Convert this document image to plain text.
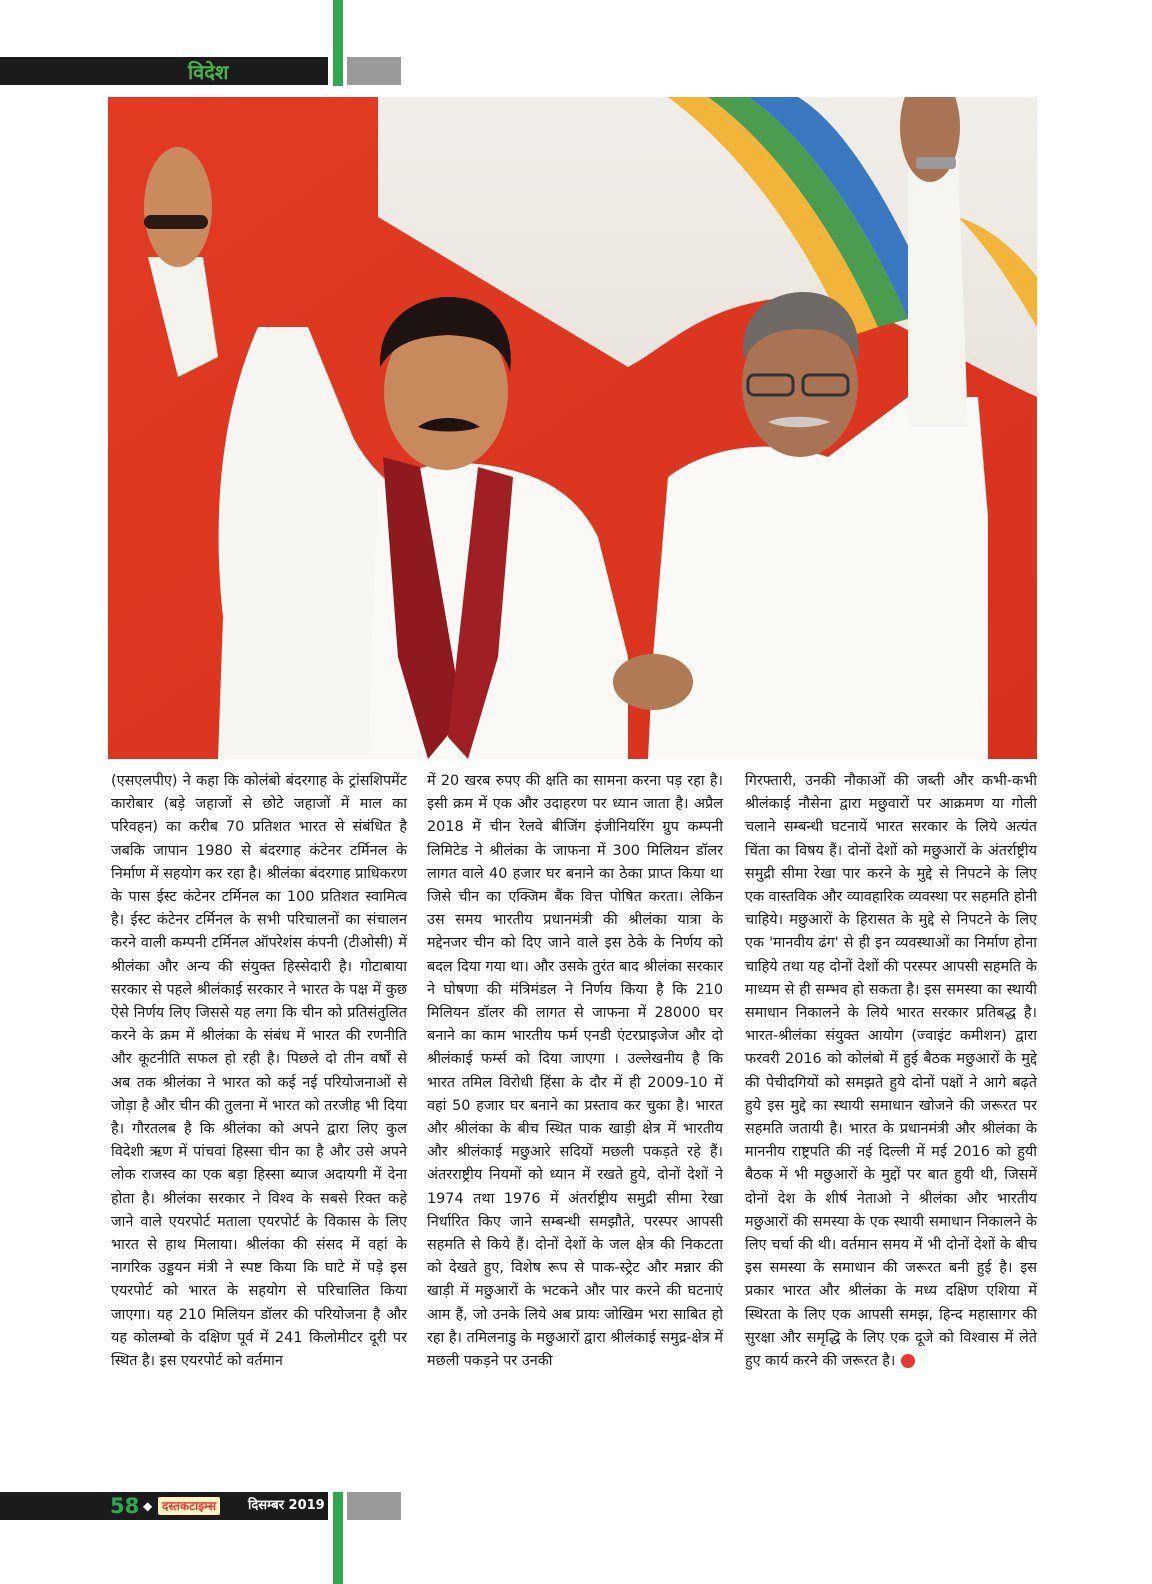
विदेश
(एसएलपीए) ने कहा कि कोलंबो बंदरगाह के ट्रांसशिपमेंट कारोबार (बड़े जहाजों से छोटे जहाजों में माल का परिवहन) का करीब 70 प्रतिशत भारत से संबंधित है जबकि जापान 1980 से बंदरगाह कंटेनर टर्मिनल के निर्माण में सहयोग कर रहा है। श्रीलंका बंदरगाह प्राधिकरण के पास ईस्ट कंटेनर टर्मिनल का 100 प्रतिशत स्वामित्व है। ईस्ट कंटेनर टर्मिनल के सभी परिचालनों का संचालन करने वाली कम्पनी टर्मिनल ऑपरेशंस कंपनी (टीओसी) में श्रीलंका और अन्य की संयुक्त हिस्सेदारी है। गोटाबाया सरकार से पहले श्रीलंकाई सरकार ने भारत के पक्ष में कुछ ऐसे निर्णय लिए जिससे यह लगा कि चीन को प्रतिसंतुलित करने के क्रम में श्रीलंका के संबंध में भारत की रणनीति और कूटनीति सफल हो रही है। पिछले दो तीन वर्षों से अब तक श्रीलंका ने भारत को कई नई परियोजनाओं से जोड़ा है और चीन की तुलना में भारत को तरजीह भी दिया है। गौरतलब है कि श्रीलंका को अपने द्वारा लिए कुल विदेशी ऋण में पांचवां हिस्सा चीन का है और उसे अपने लोक राजस्व का एक बड़ा हिस्सा ब्याज अदायगी में देना होता है। श्रीलंका सरकार ने विश्व के सबसे रिक्त कहे जाने वाले एयरपोर्ट मताला एयरपोर्ट के विकास के लिए भारत से हाथ मिलाया। श्रीलंका की संसद में वहां के नागरिक उड्डयन मंत्री ने स्पष्ट किया कि घाटे में पड़े इस एयरपोर्ट को भारत के सहयोग से परिचालित किया जाएगा। यह 210 मिलियन डॉलर की परियोजना है और यह कोलम्बो के दक्षिण पूर्व में 241 किलोमीटर दूरी पर स्थित है। इस एयरपोर्ट को वर्तमान
में 20 खरब रुपए की क्षति का सामना करना पड़ रहा है। इसी क्रम में एक और उदाहरण पर ध्यान जाता है। अप्रैल 2018 में चीन रेलवे बीजिंग इंजीनियरिंग ग्रुप कम्पनी लिमिटेड ने श्रीलंका के जाफना में 300 मिलियन डॉलर लागत वाले 40 हजार घर बनाने का ठेका प्राप्त किया था जिसे चीन का एक्जिम बैंक वित्त पोषित करता। लेकिन उस समय भारतीय प्रधानमंत्री की श्रीलंका यात्रा के मद्देनजर चीन को दिए जाने वाले इस ठेके के निर्णय को बदल दिया गया था। और उसके तुरंत बाद श्रीलंका सरकार ने घोषणा की मंत्रिमंडल ने निर्णय किया है कि 210 मिलियन डॉलर की लागत से जाफना में 28000 घर बनाने का काम भारतीय फर्म एनडी एंटरप्राइजेज और दो श्रीलंकाई फर्म्स को दिया जाएगा । उल्लेखनीय है कि भारत तमिल विरोधी हिंसा के दौर में ही 2009-10 में वहां 50 हजार घर बनाने का प्रस्ताव कर चुका है। भारत और श्रीलंका के बीच स्थित पाक खाड़ी क्षेत्र में भारतीय और श्रीलंकाई मछुआरे सदियों मछली पकड़ते रहे हैं। अंतरराष्ट्रीय नियमों को ध्यान में रखते हुये, दोनों देशों ने 1974 तथा 1976 में अंतर्राष्ट्रीय समुद्री सीमा रेखा निर्धारित किए जाने सम्बन्धी समझौते, परस्पर आपसी सहमति से किये हैं। दोनों देशों के जल क्षेत्र की निकटता को देखते हुए, विशेष रूप से पाक-स्ट्रेट और मन्नार की खाड़ी में मछुआरों के भटकने और पार करने की घटनाएं आम हैं, जो उनके लिये अब प्रायः जोखिम भरा साबित हो रहा है। तमिलनाडु के मछुआरों द्वारा श्रीलंकाई समुद्र-क्षेत्र में मछली पकड़ने पर उनकी
गिरफ्तारी, उनकी नौकाओं की जब्ती और कभी-कभी श्रीलंकाई नौसेना द्वारा मछुवारों पर आक्रमण या गोली चलाने सम्बन्धी घटनायें भारत सरकार के लिये अत्यंत चिंता का विषय हैं। दोनों देशों को मछुआरों के अंतर्राष्ट्रीय समुद्री सीमा रेखा पार करने के मुद्दे से निपटने के लिए एक वास्तविक और व्यावहारिक व्यवस्था पर सहमति होनी चाहिये। मछुआरों के हिरासत के मुद्दे से निपटने के लिए एक 'मानवीय ढंग' से ही इन व्यवस्थाओं का निर्माण होना चाहिये तथा यह दोनों देशों की परस्पर आपसी सहमति के माध्यम से ही सम्भव हो सकता है। इस समस्या का स्थायी समाधान निकालने के लिये भारत सरकार प्रतिबद्ध है। भारत-श्रीलंका संयुक्त आयोग (ज्वाइंट कमीशन) द्वारा फरवरी 2016 को कोलंबो में हुई बैठक मछुआरों के मुद्दे की पेचीदगियों को समझते हुये दोनों पक्षों ने आगे बढ़ते हुये इस मुद्दे का स्थायी समाधान खोजने की जरूरत पर सहमति जतायी है। भारत के प्रधानमंत्री और श्रीलंका के माननीय राष्ट्रपति की नई दिल्ली में मई 2016 को हुयी बैठक में भी मछुआरों के मुद्दों पर बात हुयी थी, जिसमें दोनों देश के शीर्ष नेताओ ने श्रीलंका और भारतीय मछुआरों की समस्या के एक स्थायी समाधान निकालने के लिए चर्चा की थी। वर्तमान समय में भी दोनों देशों के बीच इस समस्या के समाधान की जरूरत बनी हुई है। इस प्रकार भारत और श्रीलंका के मध्य दक्षिण एशिया में स्थिरता के लिए एक आपसी समझ, हिन्द महासागर की सुरक्षा और समृद्धि के लिए एक दूजे को विश्वास में लेते हुए कार्य करने की जरूरत है।
58 ◆ दस्तकटाइम्स	दिसम्बर 2019
